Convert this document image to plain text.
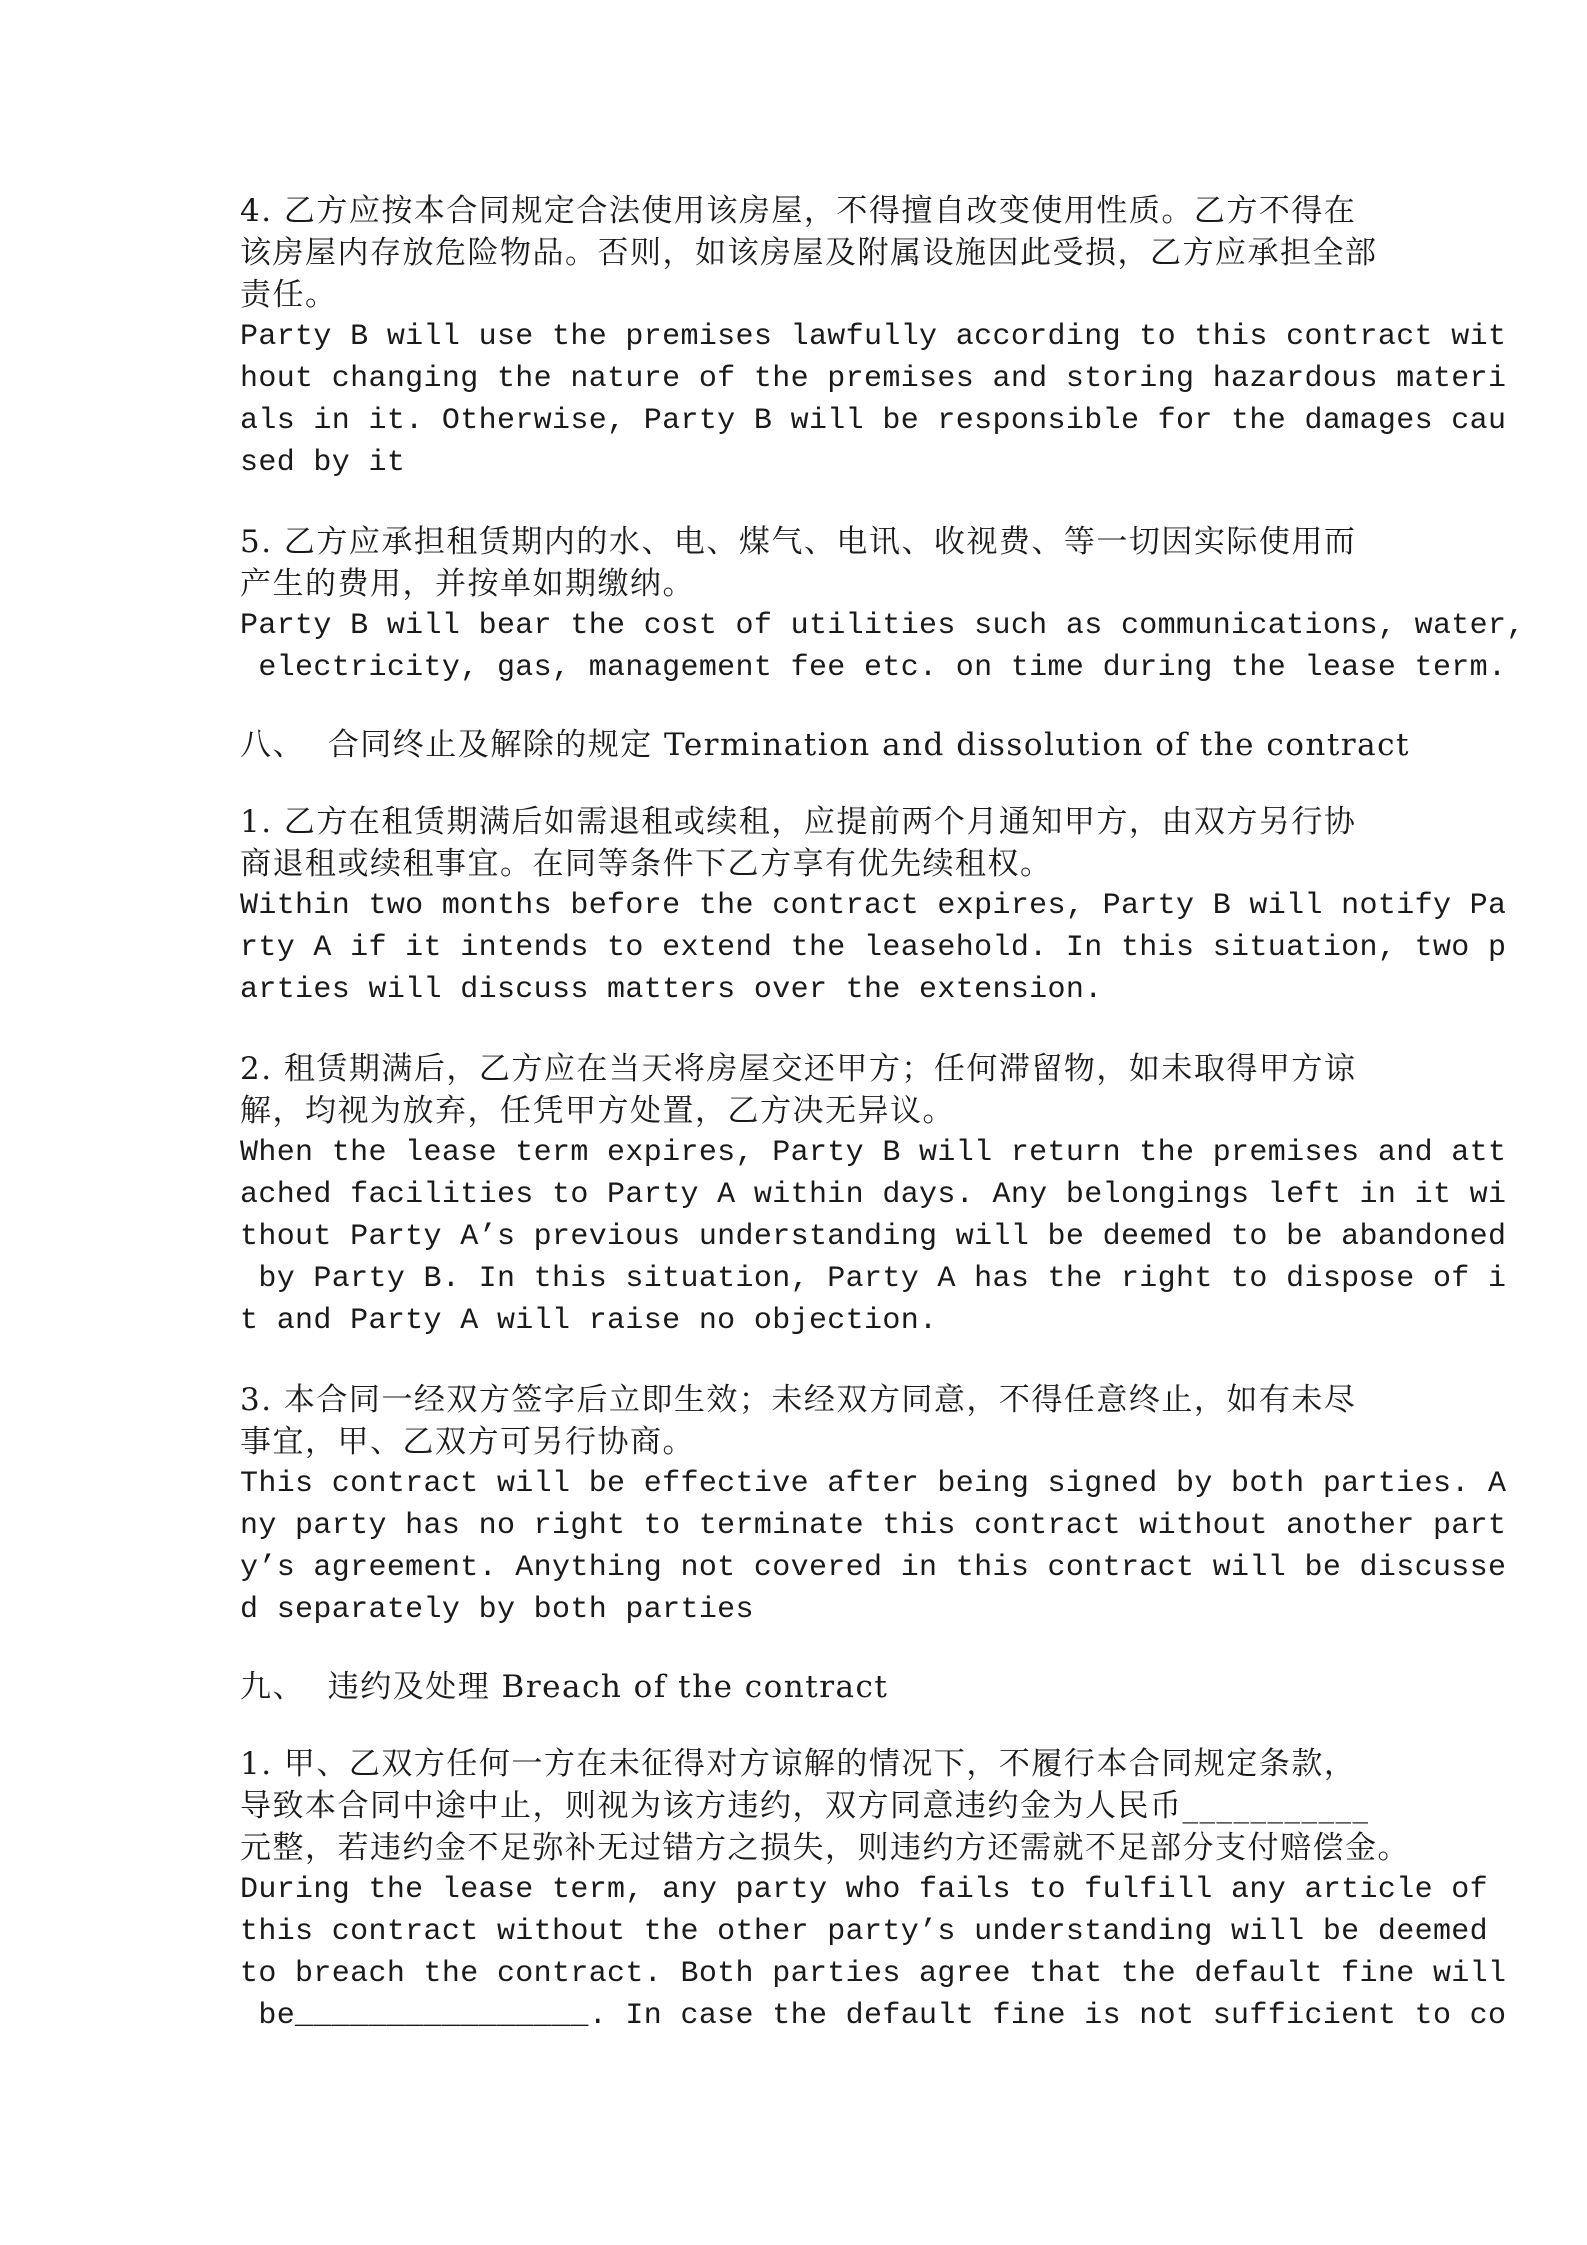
4. 乙方应按本合同规定合法使用该房屋，不得擅自改变使用性质。乙方不得在
该房屋内存放危险物品。否则，如该房屋及附属设施因此受损，乙方应承担全部
责任。
Party B will use the premises lawfully according to this contract wit
hout changing the nature of the premises and storing hazardous materi
als in it. Otherwise, Party B will be responsible for the damages cau
sed by it
5. 乙方应承担租赁期内的水、电、煤气、电讯、收视费、等一切因实际使用而
产生的费用，并按单如期缴纳。
Party B will bear the cost of utilities such as communications, water,
electricity, gas, management fee etc. on time during the lease term.
八、  合同终止及解除的规定 Termination and dissolution of the contract
1. 乙方在租赁期满后如需退租或续租，应提前两个月通知甲方，由双方另行协
商退租或续租事宜。在同等条件下乙方享有优先续租权。
Within two months before the contract expires, Party B will notify Pa
rty A if it intends to extend the leasehold. In this situation, two p
arties will discuss matters over the extension.
2. 租赁期满后，乙方应在当天将房屋交还甲方；任何滞留物，如未取得甲方谅
解，均视为放弃，任凭甲方处置，乙方决无异议。
When the lease term expires, Party B will return the premises and att
ached facilities to Party A within days. Any belongings left in it wi
thout Party A’s previous understanding will be deemed to be abandoned
by Party B. In this situation, Party A has the right to dispose of i
t and Party A will raise no objection.
3. 本合同一经双方签字后立即生效；未经双方同意，不得任意终止，如有未尽
事宜，甲、乙双方可另行协商。
This contract will be effective after being signed by both parties. A
ny party has no right to terminate this contract without another part
y’s agreement. Anything not covered in this contract will be discusse
d separately by both parties
九、  违约及处理 Breach of the contract
1. 甲、乙双方任何一方在未征得对方谅解的情况下，不履行本合同规定条款，
导致本合同中途中止，则视为该方违约，双方同意违约金为人民币___________
元整，若违约金不足弥补无过错方之损失，则违约方还需就不足部分支付赔偿金。
During the lease term, any party who fails to fulfill any article of
this contract without the other party’s understanding will be deemed
to breach the contract. Both parties agree that the default fine will
be________________. In case the default fine is not sufficient to co
